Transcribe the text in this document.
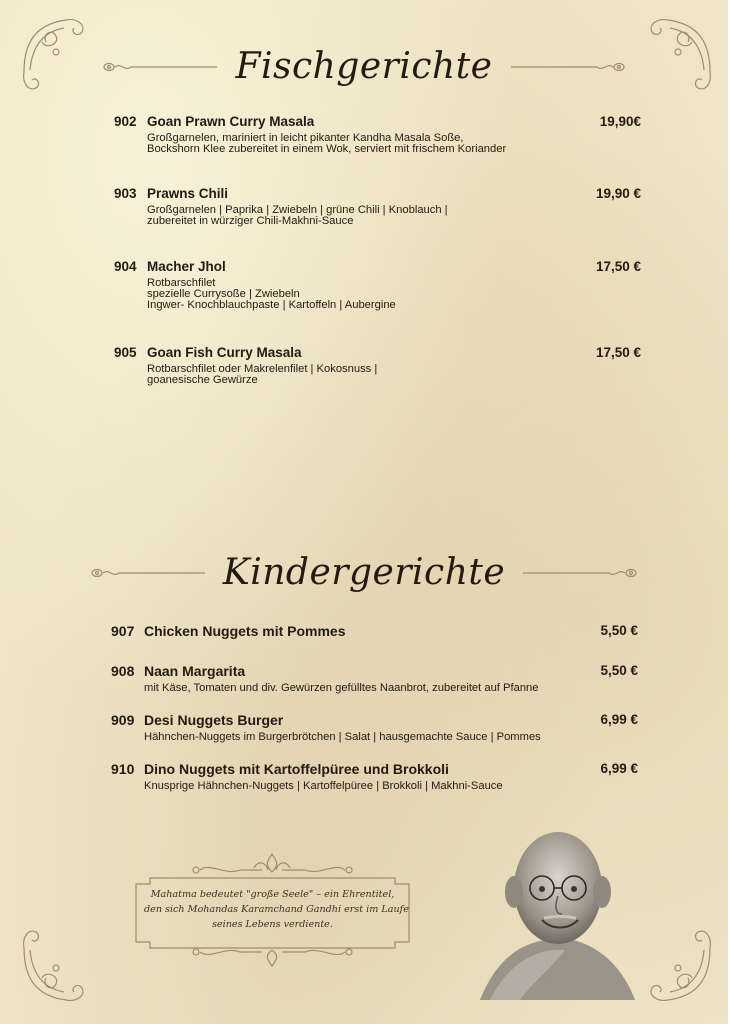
Fischgerichte
902 Goan Prawn Curry Masala	19,90€
Großgarnelen, mariniert in leicht pikanter Kandha Masala Soße,
Bockshorn Klee zubereitet in einem Wok, serviert mit frischem Koriander
903 Prawns Chili	19,90 €
Großgarnelen | Paprika | Zwiebeln | grüne Chili | Knoblauch |
zubereitet in würziger Chili-Makhni-Sauce
904 Macher Jhol	17,50 €
Rotbarschfilet
spezielle Currysoße | Zwiebeln
Ingwer- Knochblauchpaste | Kartoffeln | Aubergine
905 Goan Fish Curry Masala	17,50 €
Rotbarschfilet oder Makrelenfilet | Kokosnuss |
goanesische Gewürze
Kindergerichte
907 Chicken Nuggets mit Pommes	5,50 €
908 Naan Margarita	5,50 €
mit Käse, Tomaten und div. Gewürzen gefülltes Naanbrot, zubereitet auf Pfanne
909 Desi Nuggets Burger	6,99 €
Hähnchen-Nuggets im Burgerbrötchen | Salat | hausgemachte Sauce | Pommes
910 Dino Nuggets mit Kartoffelpüree und Brokkoli	6,99 €
Knusprige Hähnchen-Nuggets | Kartoffelpüree | Brokkoli | Makhni-Sauce
Mahatma bedeutet "große Seele" – ein Ehrentitel,
den sich Mohandas Karamchand Gandhi erst im Laufe
seines Lebens verdiente.
